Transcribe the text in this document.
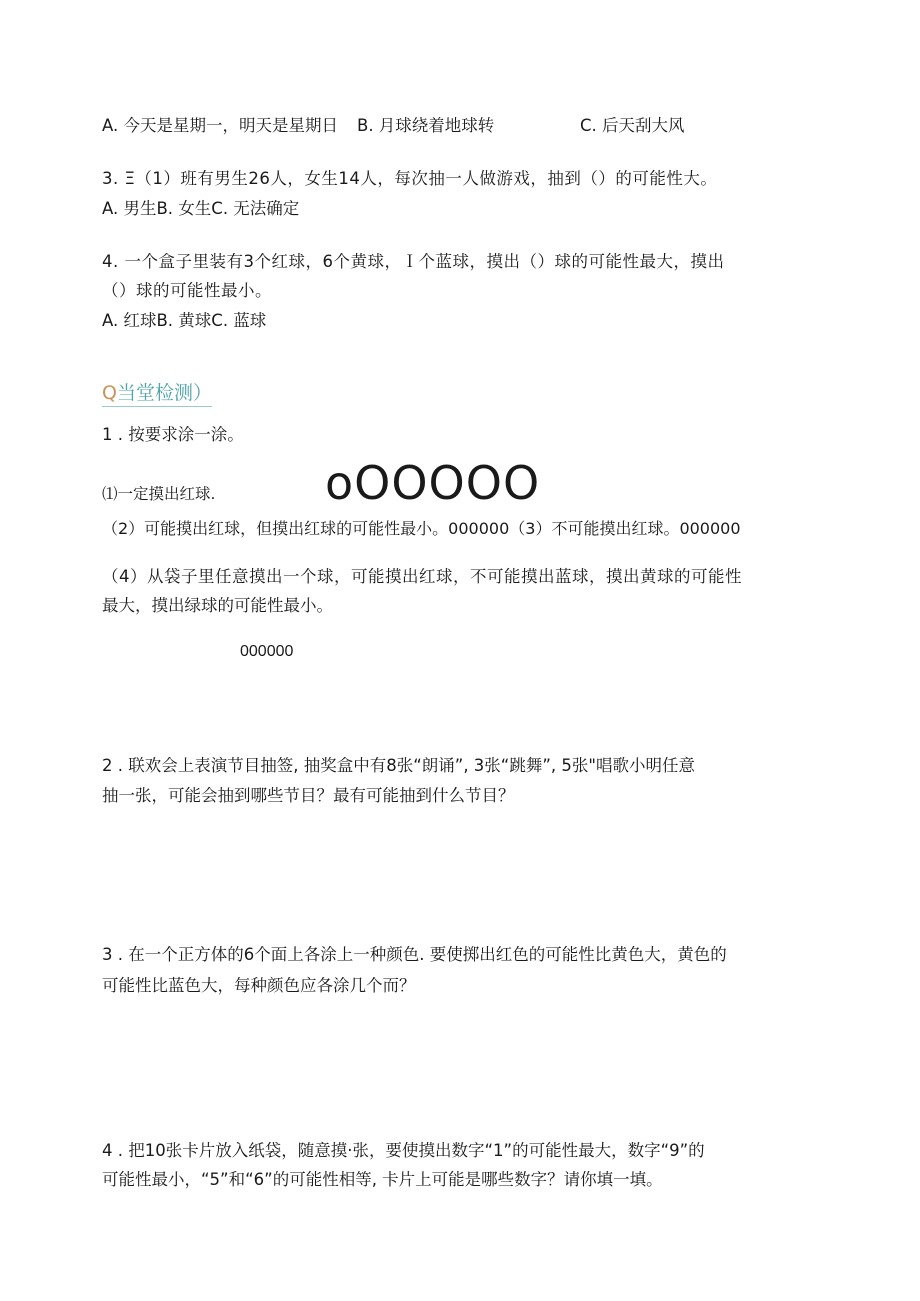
A. 今天是星期一，明天是星期日 B. 月球绕着地球转	C. 后天刮大风
3. Ξ（1）班有男生26人，女生14人，每次抽一人做游戏，抽到（）的可能性大。
A. 男生B. 女生C. 无法确定
4. 一个盒子里装有3个红球，6个黄球，Ｉ个蓝球，摸出（）球的可能性最大，摸出
（）球的可能性最小。
A. 红球B. 黄球C. 蓝球
Q当堂检测）
1 . 按要求涂一涂。
⑴一定摸出红球. oOOOOO
（2）可能摸出红球，但摸出红球的可能性最小。000000（3）不可能摸出红球。000000
（4）从袋子里任意摸出一个球，可能摸出红球，不可能摸出蓝球，摸出黄球的可能性
最大，摸出绿球的可能性最小。
000000
2 . 联欢会上表演节目抽签, 抽奖盒中有8张“朗诵”, 3张“跳舞”, 5张"唱歌小明任意
抽一张，可能会抽到哪些节目？最有可能抽到什么节目？
3 . 在一个正方体的6个面上各涂上一种颜色. 要使掷出红色的可能性比黄色大，黄色的
可能性比蓝色大，每种颜色应各涂几个而？
4 . 把10张卡片放入纸袋，随意摸·张，要使摸出数字“1”的可能性最大，数字“9”的
可能性最小，“5”和“6”的可能性相等, 卡片上可能是哪些数字？请你填一填。
